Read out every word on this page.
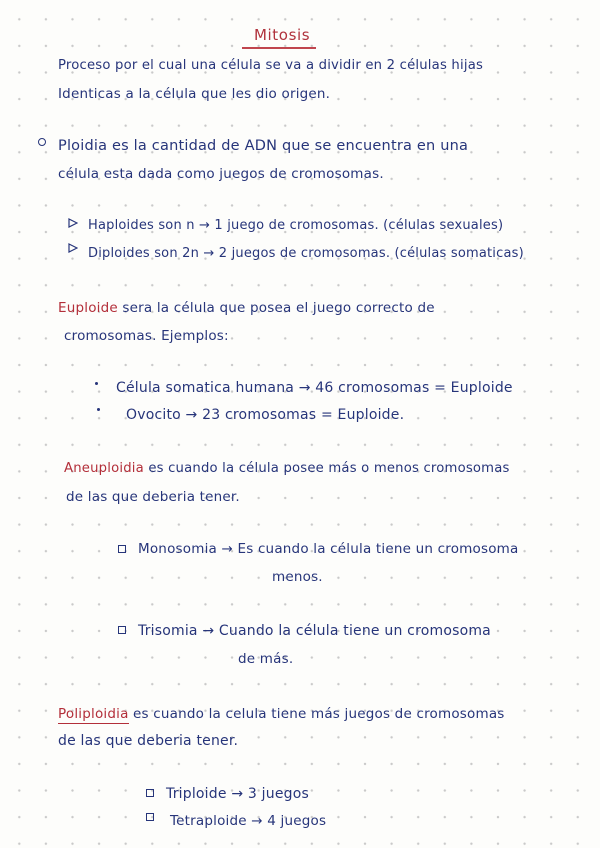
Mitosis
Proceso por el cual una célula se va a dividir en 2 células hijas
Identicas a la célula que les dio origen.
Ploidia es la cantidad de ADN que se encuentra en una
célula esta dada como juegos de cromosomas.
Haploides son n → 1 juego de cromosomas. (células sexuales)
Diploides son 2n → 2 juegos de cromosomas. (células somaticas)
Euploide sera la célula que posea el juego correcto de
cromosomas. Ejemplos:
Célula somatica humana → 46 cromosomas = Euploide
Ovocito → 23 cromosomas = Euploide.
Aneuploidia es cuando la célula posee más o menos cromosomas
de las que deberia tener.
Monosomia → Es cuando la célula tiene un cromosoma
menos.
Trisomia → Cuando la célula tiene un cromosoma
de más.
Poliploidia es cuando la celula tiene más juegos de cromosomas
de las que deberia tener.
Triploide → 3 juegos
Tetraploide → 4 juegos
